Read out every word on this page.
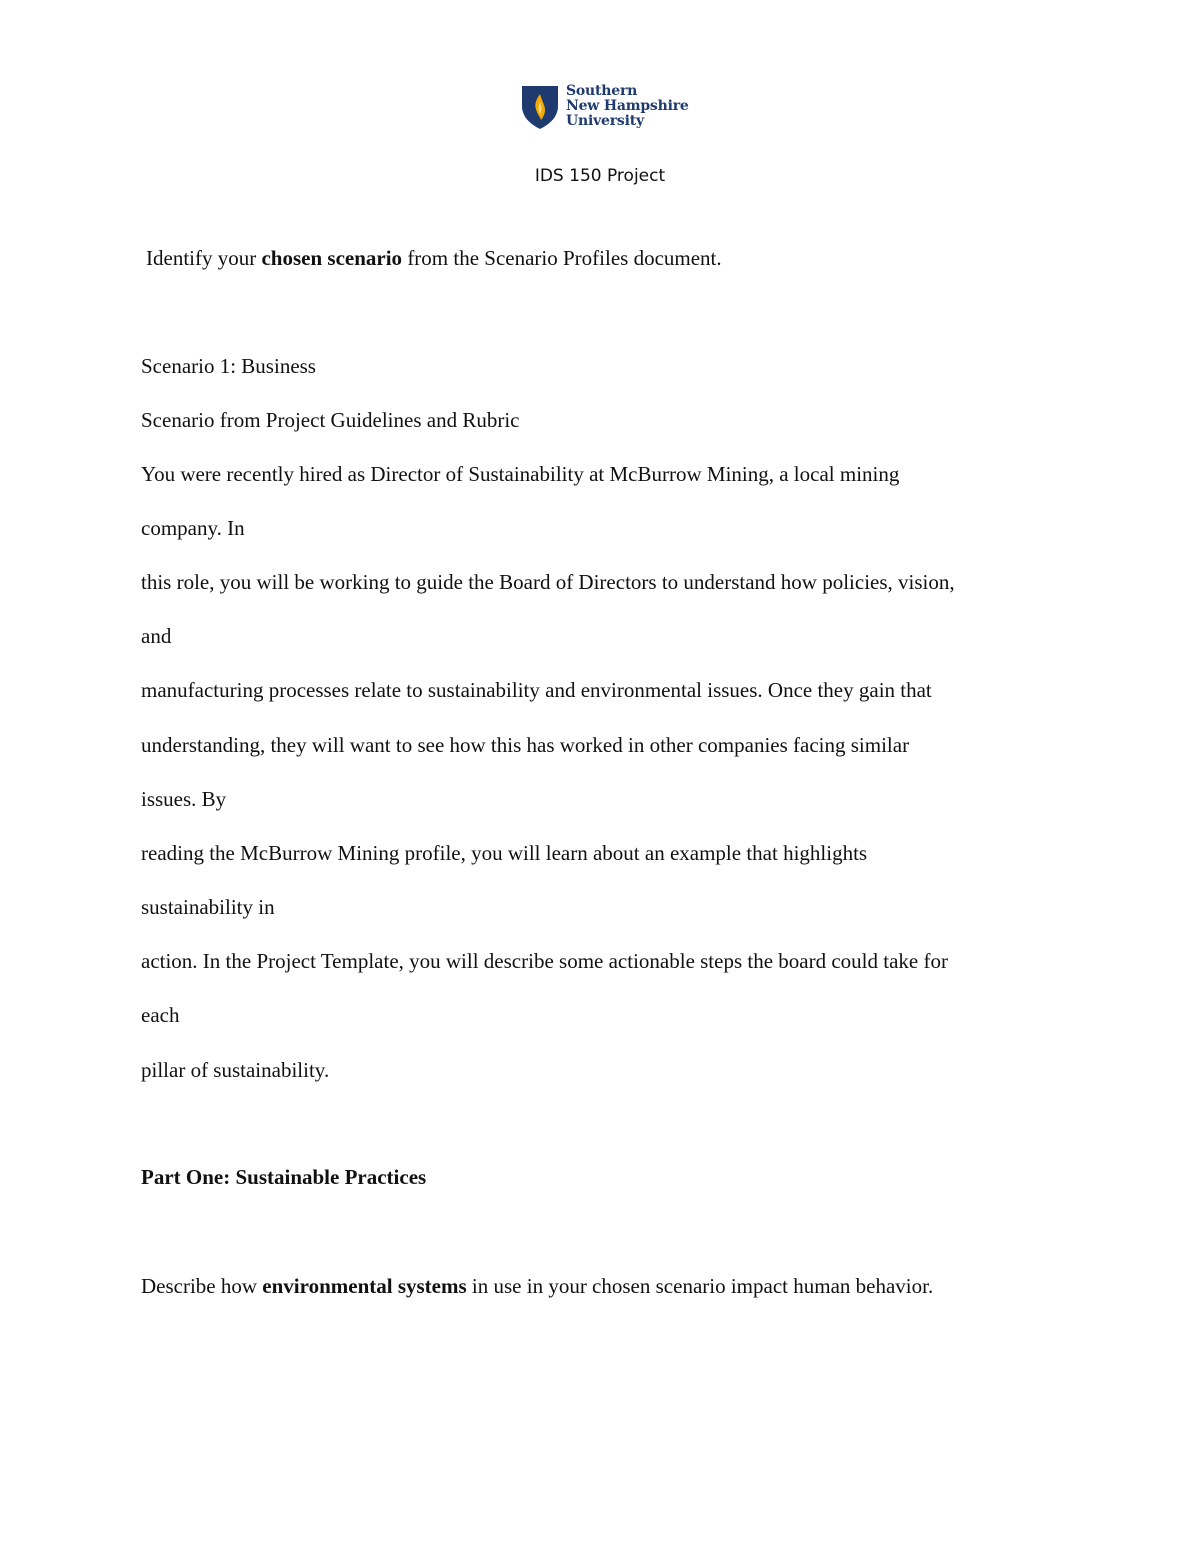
Southern
New Hampshire
University
IDS 150 Project
Identify your chosen scenario from the Scenario Profiles document.
Scenario 1: Business
Scenario from Project Guidelines and Rubric
You were recently hired as Director of Sustainability at McBurrow Mining, a local mining
company. In
this role, you will be working to guide the Board of Directors to understand how policies, vision,
and
manufacturing processes relate to sustainability and environmental issues. Once they gain that
understanding, they will want to see how this has worked in other companies facing similar
issues. By
reading the McBurrow Mining profile, you will learn about an example that highlights
sustainability in
action. In the Project Template, you will describe some actionable steps the board could take for
each
pillar of sustainability.
Part One: Sustainable Practices
Describe how environmental systems in use in your chosen scenario impact human behavior.
